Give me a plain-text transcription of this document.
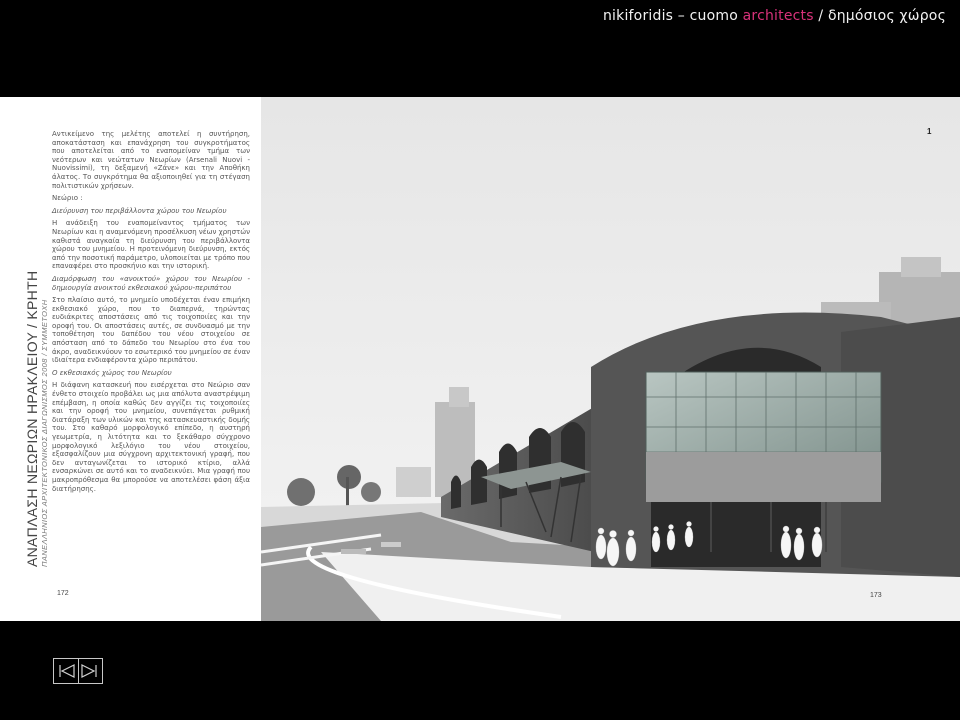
nikiforidis – cuomo architects / δημόσιος χώρος
ΑΝΑΠΛΑΣΗ ΝΕΩΡΙΩΝ ΗΡΑΚΛΕΙΟΥ / ΚΡΗΤΗ ΠΑΝΕΛΛΗΝΙΟΣ ΑΡΧΙΤΕΚΤΟΝΙΚΟΣ ΔΙΑΓΩΝΙΣΜΟΣ 2008 / ΣΥΜΜΕΤΟΧΗ

Αντικείμενο της μελέτης αποτελεί η συντήρηση, αποκατάσταση και επανάχρηση του συγκροτήματος που αποτελείται από το εναπομείναν τμήμα των νεότερων και νεώτατων Νεωρίων (Arsenali Nuovi - Nuovissimi), τη δεξαμενή «Ζάνε» και την Αποθήκη άλατος. Το συγκρότημα θα αξιοποιηθεί για τη στέγαση πολιτιστικών χρήσεων.

Νεώριο :

Διεύρυνση του περιβάλλοντα χώρου του Νεωρίου

Η ανάδειξη του εναπομείναντος τμήματος των Νεωρίων και η αναμενόμενη προσέλκυση νέων χρηστών καθιστά αναγκαία τη διεύρυνση του περιβάλλοντα χώρου του μνημείου. Η προτεινόμενη διεύρυνση, εκτός από την ποσοτική παράμετρο, υλοποιείται με τρόπο που επαναφέρει στο προσκήνιο και την ιστορική.

Διαμόρφωση του «ανοικτού» χώρου του Νεωρίου - δημιουργία ανοικτού εκθεσιακού χώρου-περιπάτου

Στο πλαίσιο αυτό, το μνημείο υποδέχεται έναν επιμήκη εκθεσιακό χώρο, που το διαπερνά, τηρώντας ευδιάκριτες αποστάσεις από τις τοιχοποιίες και την οροφή του. Οι αποστάσεις αυτές, σε συνδυασμό με την τοποθέτηση του δαπέδου του νέου στοιχείου σε απόσταση από το δάπεδο του Νεωρίου στο ένα του άκρο, αναδεικνύουν το εσωτερικό του μνημείου σε έναν ιδιαίτερα ενδιαφέροντα χώρο περιπάτου.

Ο εκθεσιακός χώρος του Νεωρίου

Η διάφανη κατασκευή που εισέρχεται στο Νεώριο σαν ένθετο στοιχείο προβάλει ως μια απόλυτα αναστρέψιμη επέμβαση, η οποία καθώς δεν αγγίζει τις τοιχοποιίες και την οροφή του μνημείου, συνεπάγεται ρυθμική διατάραξη των υλικών και της κατασκευαστικής δομής του. Στο καθαρό μορφολογικό επίπεδο, η αυστηρή γεωμετρία, η λιτότητα και το ξεκάθαρο σύγχρονο μορφολογικό λεξιλόγιο του νέου στοιχείου, εξασφαλίζουν μια σύγχρονη αρχιτεκτονική γραφή, που δεν ανταγωνίζεται το ιστορικό κτίριο, αλλά ενσαρκώνει σε αυτό και το αναδεικνύει. Μια γραφή που μακροπρόθεσμα θα μπορούσε να αποτελέσει φάση άξια διατήρησης.

172
1
173
